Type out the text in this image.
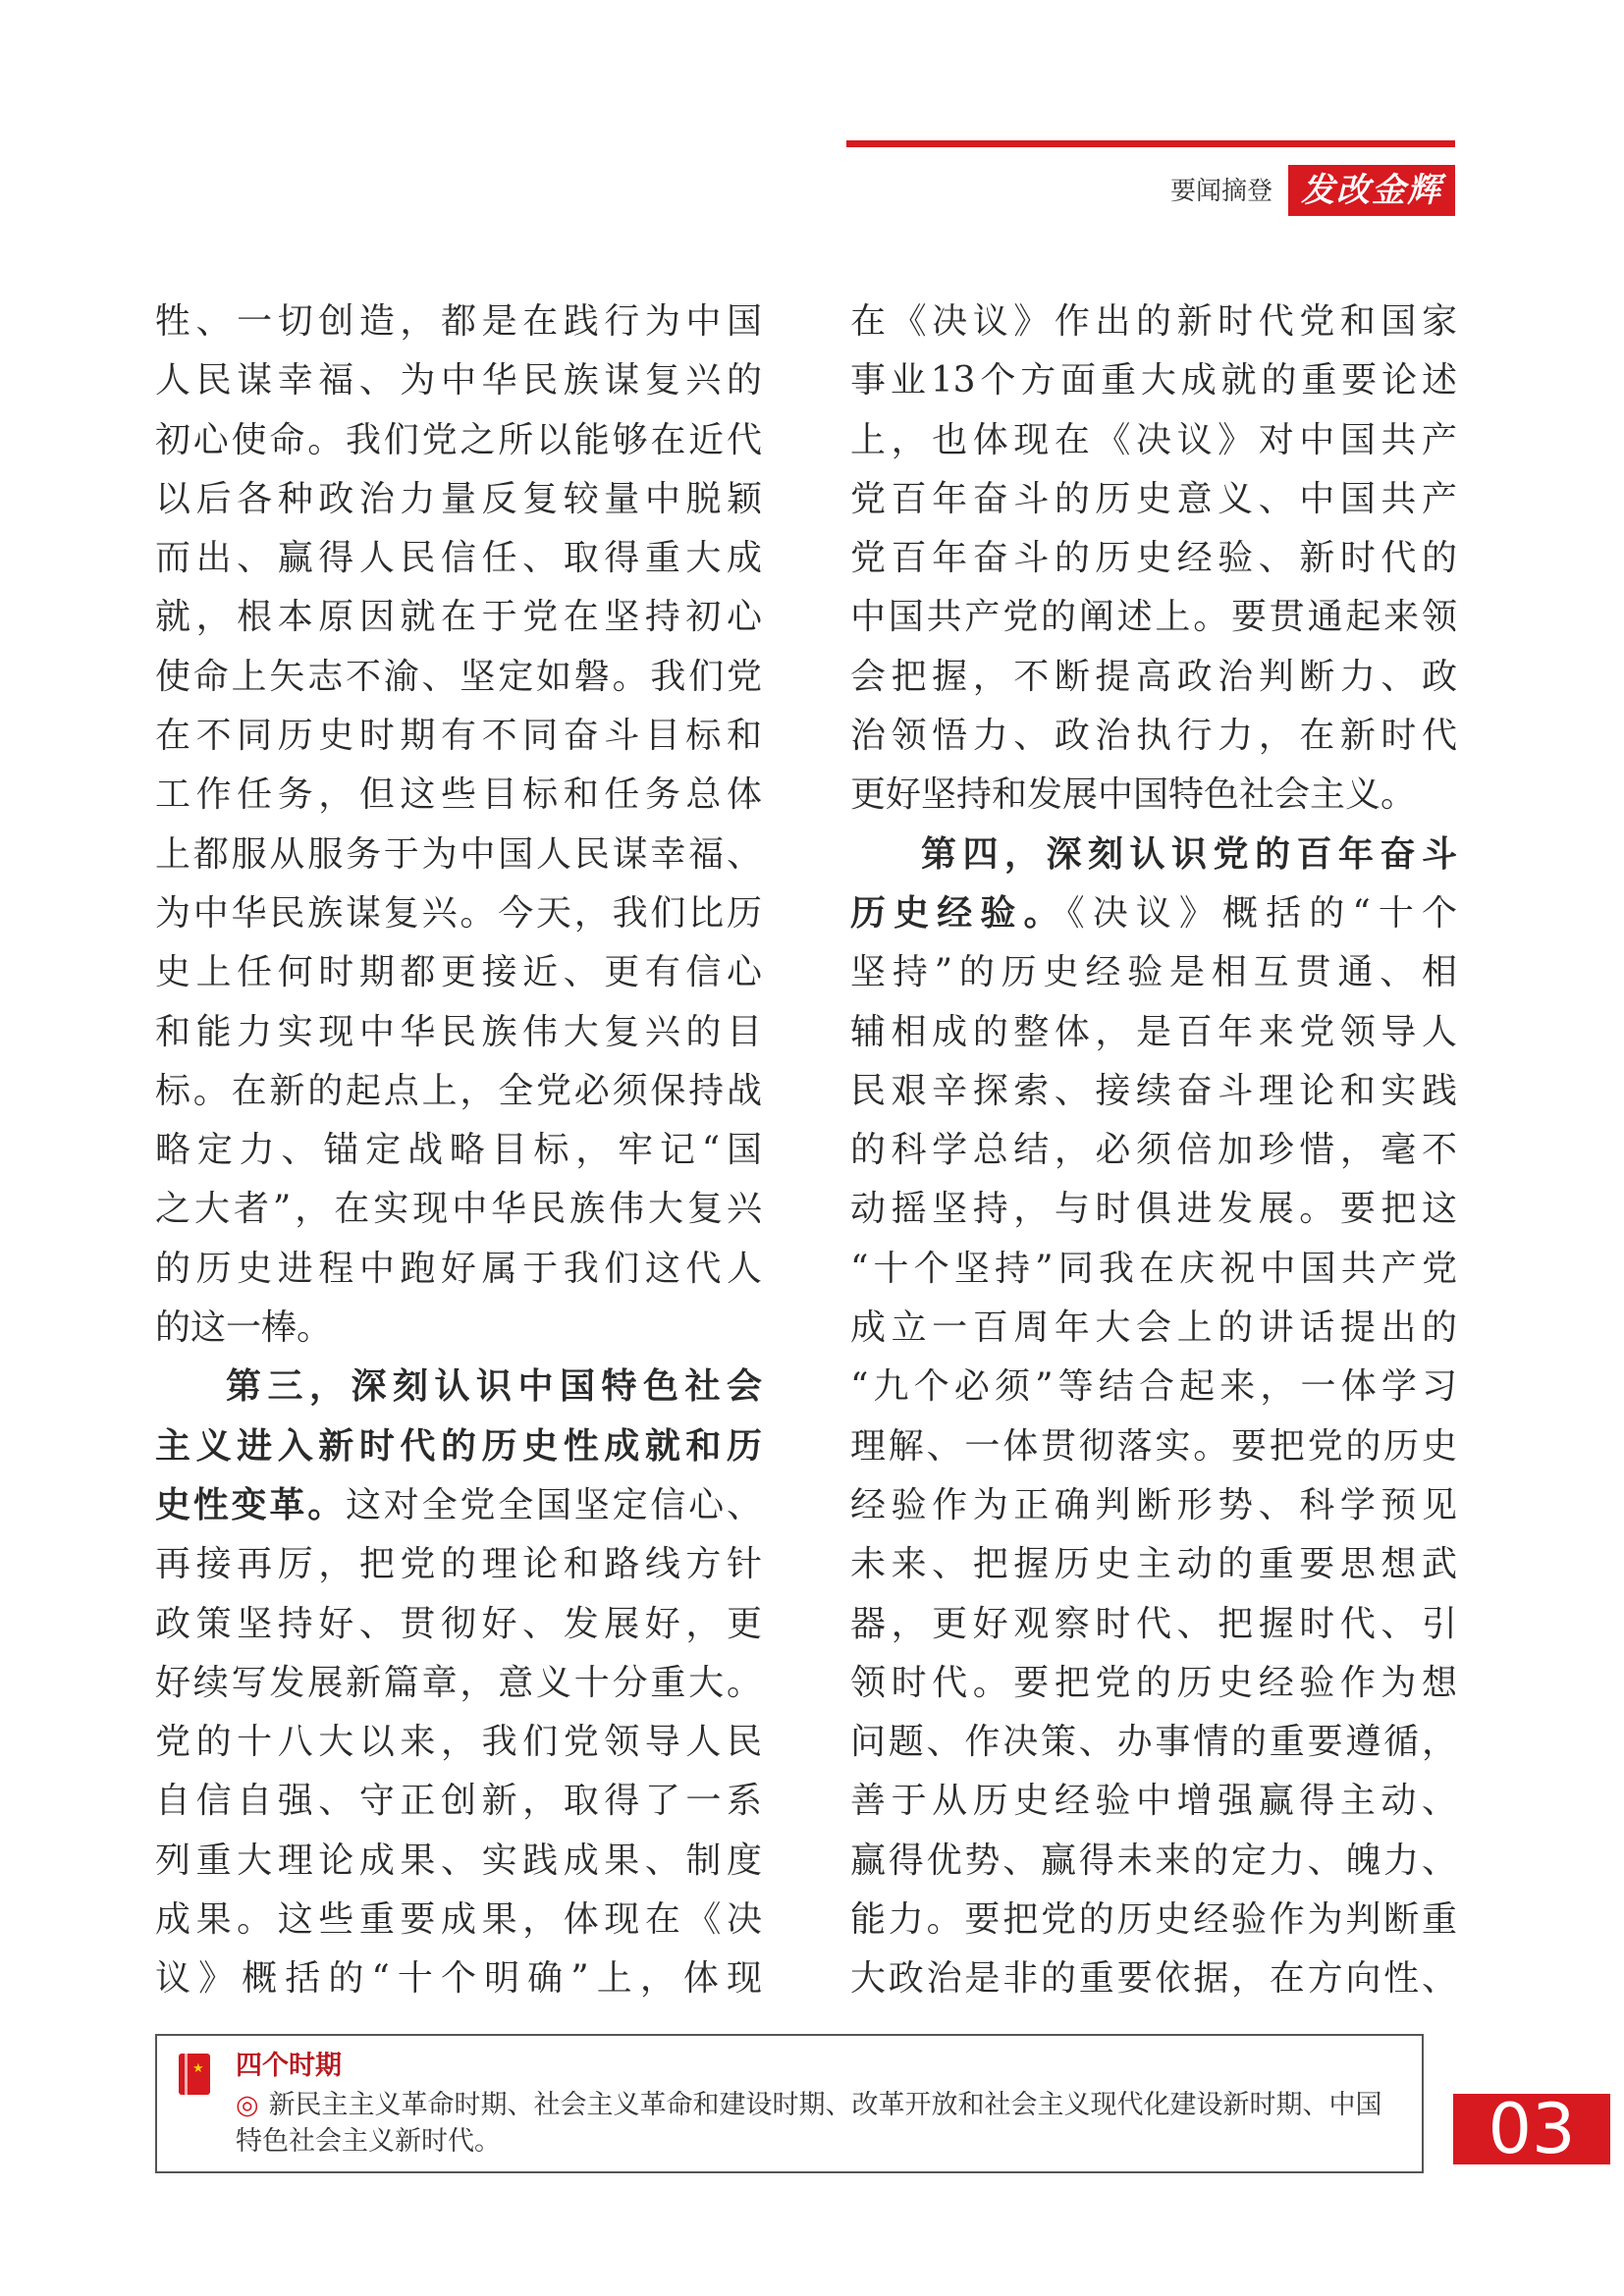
要闻摘登 发改金辉
牲、一切创造，都是在践行为中国
人民谋幸福、为中华民族谋复兴的
初心使命。我们党之所以能够在近代
以后各种政治力量反复较量中脱颖
而出、赢得人民信任、取得重大成
就，根本原因就在于党在坚持初心
使命上矢志不渝、坚定如磐。我们党
在不同历史时期有不同奋斗目标和
工作任务，但这些目标和任务总体
上都服从服务于为中国人民谋幸福、
为中华民族谋复兴。今天，我们比历
史上任何时期都更接近、更有信心
和能力实现中华民族伟大复兴的目
标。在新的起点上，全党必须保持战
略定力、锚定战略目标，牢记“国
之大者”，在实现中华民族伟大复兴
的历史进程中跑好属于我们这代人
的这一棒。
第三，深刻认识中国特色社会
主义进入新时代的历史性成就和历
史性变革。这对全党全国坚定信心、
再接再厉，把党的理论和路线方针
政策坚持好、贯彻好、发展好，更
好续写发展新篇章，意义十分重大。
党的十八大以来，我们党领导人民
自信自强、守正创新，取得了一系
列重大理论成果、实践成果、制度
成果。这些重要成果，体现在《决
议》概括的“十个明确”上，体现
在《决议》作出的新时代党和国家
事业13个方面重大成就的重要论述
上，也体现在《决议》对中国共产
党百年奋斗的历史意义、中国共产
党百年奋斗的历史经验、新时代的
中国共产党的阐述上。要贯通起来领
会把握，不断提高政治判断力、政
治领悟力、政治执行力，在新时代
更好坚持和发展中国特色社会主义。
第四，深刻认识党的百年奋斗
历史经验。《决议》概括的“十个
坚持”的历史经验是相互贯通、相
辅相成的整体，是百年来党领导人
民艰辛探索、接续奋斗理论和实践
的科学总结，必须倍加珍惜，毫不
动摇坚持，与时俱进发展。要把这
“十个坚持”同我在庆祝中国共产党
成立一百周年大会上的讲话提出的
“九个必须”等结合起来，一体学习
理解、一体贯彻落实。要把党的历史
经验作为正确判断形势、科学预见
未来、把握历史主动的重要思想武
器，更好观察时代、把握时代、引
领时代。要把党的历史经验作为想
问题、作决策、办事情的重要遵循，
善于从历史经验中增强赢得主动、
赢得优势、赢得未来的定力、魄力、
能力。要把党的历史经验作为判断重
大政治是非的重要依据，在方向性、
★ 四个时期
◎ 新民主主义革命时期、社会主义革命和建设时期、改革开放和社会主义现代化建设新时期、中国特色社会主义新时代。	03
